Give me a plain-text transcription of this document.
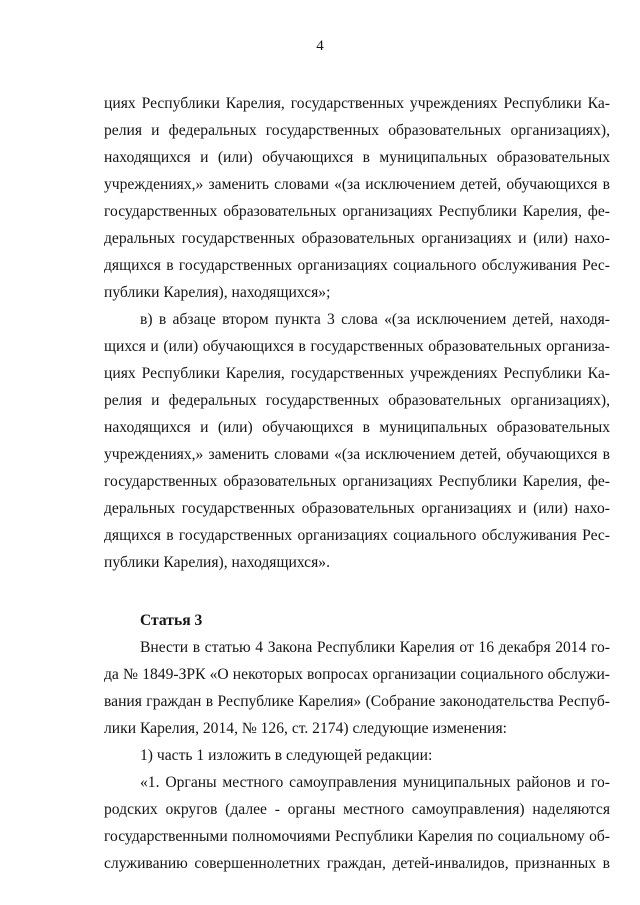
4
циях Республики Карелия, государственных учреждениях Республики Ка-
релия и федеральных государственных образовательных организациях),
находящихся и (или) обучающихся в муниципальных образовательных
учреждениях,» заменить словами «(за исключением детей, обучающихся в
государственных образовательных организациях Республики Карелия, фе-
деральных государственных образовательных организациях и (или) нахо-
дящихся в государственных организациях социального обслуживания Рес-
публики Карелия), находящихся»;
в) в абзаце втором пункта 3 слова «(за исключением детей, находя-
щихся и (или) обучающихся в государственных образовательных организа-
циях Республики Карелия, государственных учреждениях Республики Ка-
релия и федеральных государственных образовательных организациях),
находящихся и (или) обучающихся в муниципальных образовательных
учреждениях,» заменить словами «(за исключением детей, обучающихся в
государственных образовательных организациях Республики Карелия, фе-
деральных государственных образовательных организациях и (или) нахо-
дящихся в государственных организациях социального обслуживания Рес-
публики Карелия), находящихся».
Статья 3
Внести в статью 4 Закона Республики Карелия от 16 декабря 2014 го-
да № 1849-ЗРК «О некоторых вопросах организации социального обслужи-
вания граждан в Республике Карелия» (Собрание законодательства Респуб-
лики Карелия, 2014, № 126, ст. 2174) следующие изменения:
1) часть 1 изложить в следующей редакции:
«1. Органы местного самоуправления муниципальных районов и го-
родских округов (далее - органы местного самоуправления) наделяются
государственными полномочиями Республики Карелия по социальному об-
служиванию совершеннолетних граждан, детей-инвалидов, признанных в
